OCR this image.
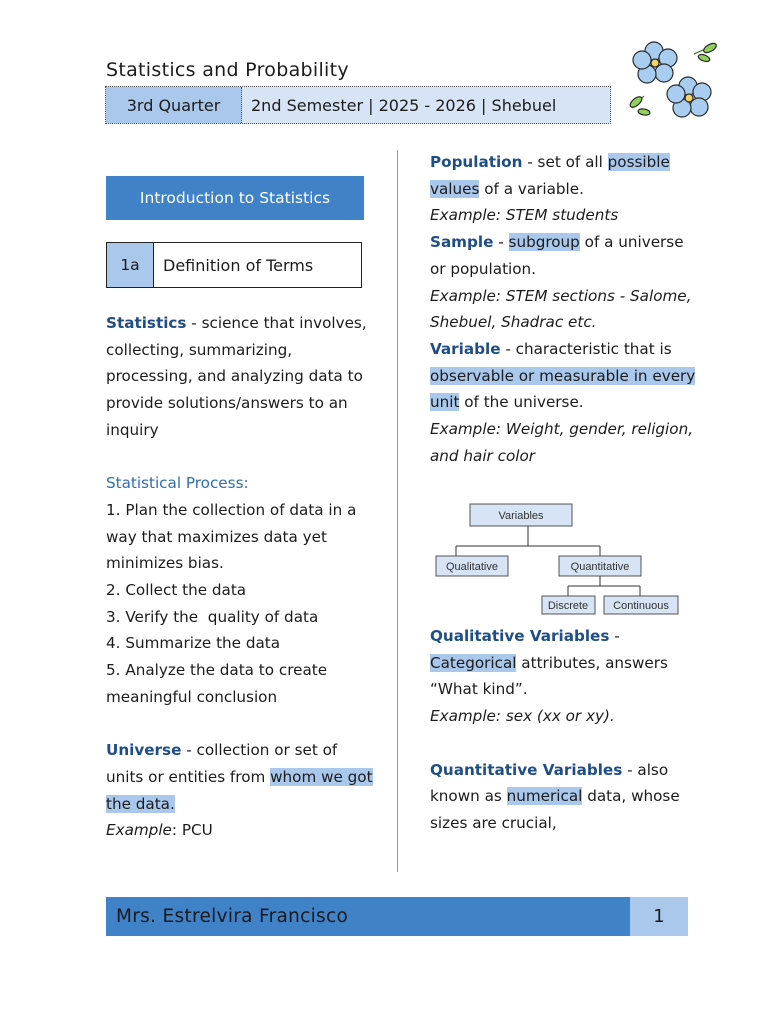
Statistics and Probability
3rd Quarter	2nd Semester | 2025 - 2026 | Shebuel
Introduction to Statistics
1a	Definition of Terms
Statistics - science that involves, collecting, summarizing, processing, and analyzing data to provide solutions/answers to an inquiry
Statistical Process:
1. Plan the collection of data in a way that maximizes data yet minimizes bias.
2. Collect the data
3. Verify the  quality of data
4. Summarize the data
5. Analyze the data to create meaningful conclusion
Universe - collection or set of units or entities from whom we got the data.
Example: PCU
Population - set of all possible values of a variable.
Example: STEM students
Sample - subgroup of a universe or population.
Example: STEM sections - Salome, Shebuel, Shadrac etc.
Variable - characteristic that is observable or measurable in every unit of the universe.
Example: Weight, gender, religion, and hair color
Variables
Qualitative	Quantitative
Discrete Continuous
Qualitative Variables - Categorical attributes, answers “What kind”.
Example: sex (xx or xy).
Quantitative Variables - also known as numerical data, whose sizes are crucial,
Mrs. Estrelvira Francisco	1
